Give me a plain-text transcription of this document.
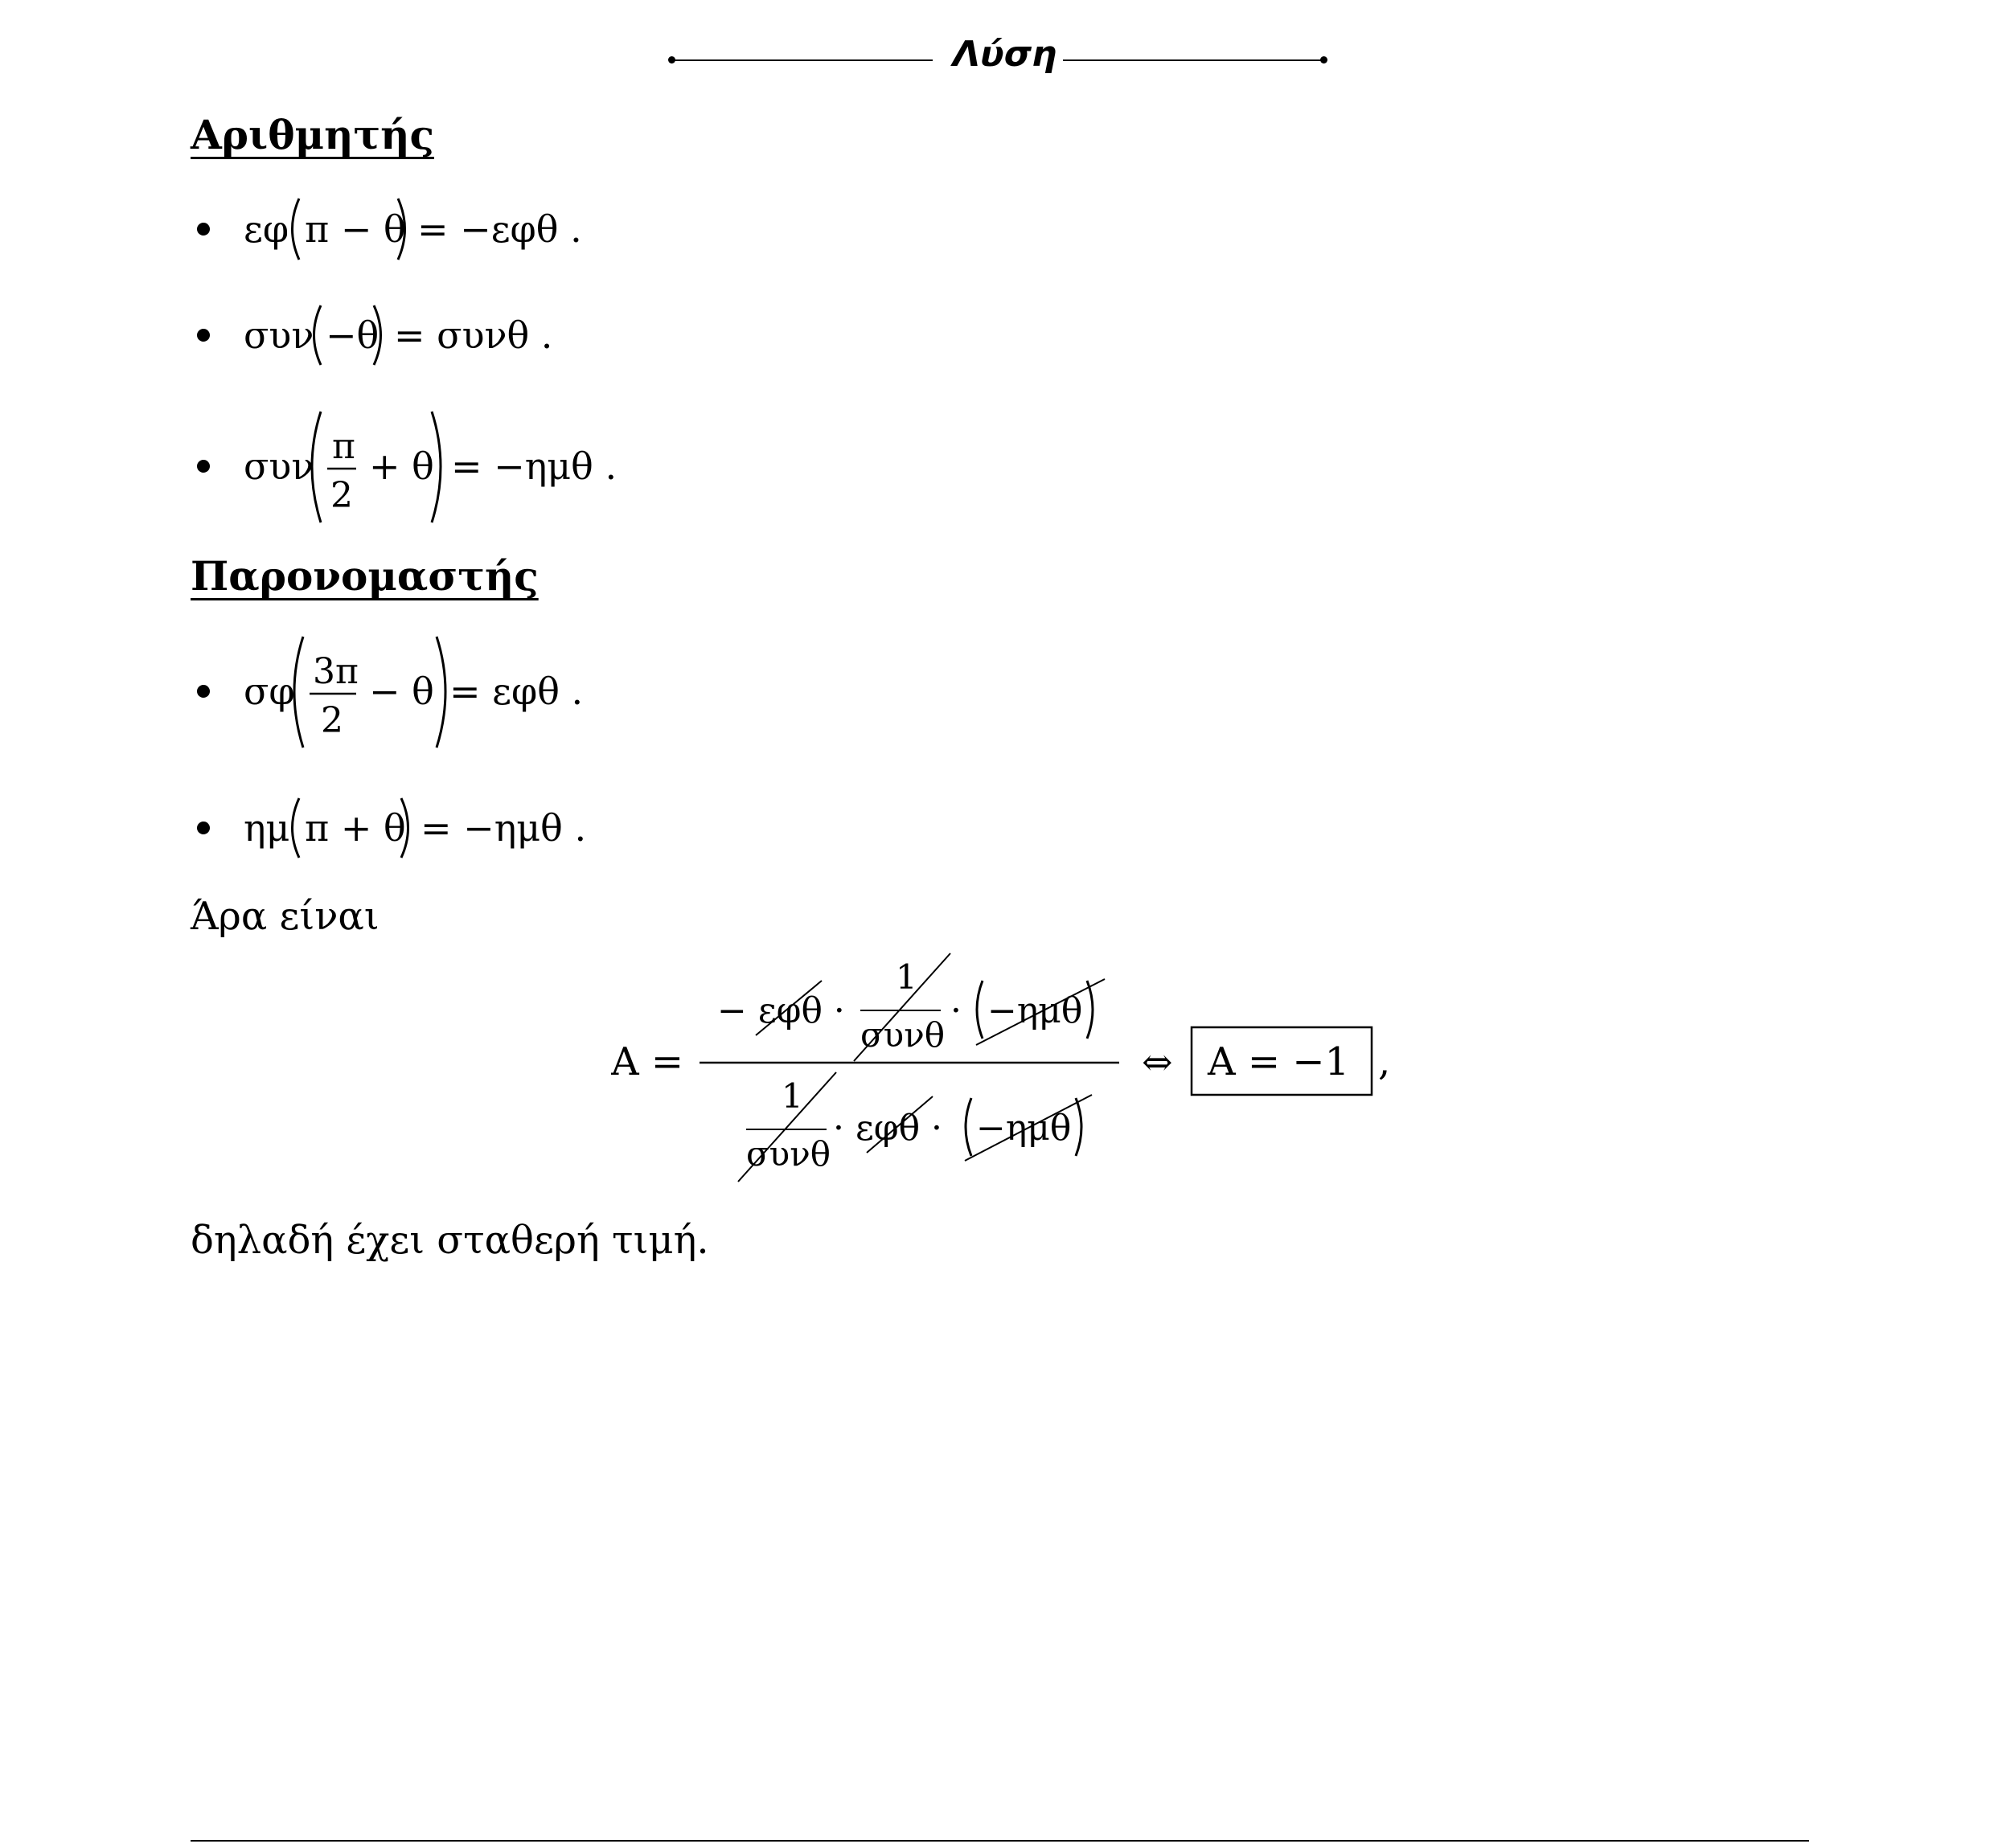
Λύση
Αριθμητής
εφ π − θ = −εφθ .
συν −θ = συνθ .
συν π
2
+ θ = −ημθ .
Παρονομαστής
σφ 3π
2
− θ = εφθ .
ημ π + θ = −ημθ .
Άρα είναι
A =
− εφθ ·
1
συνθ
· −ημθ
1
συνθ
· εφθ · −ημθ
⇔ A = −1 ,
δηλαδή έχει σταθερή τιμή.
